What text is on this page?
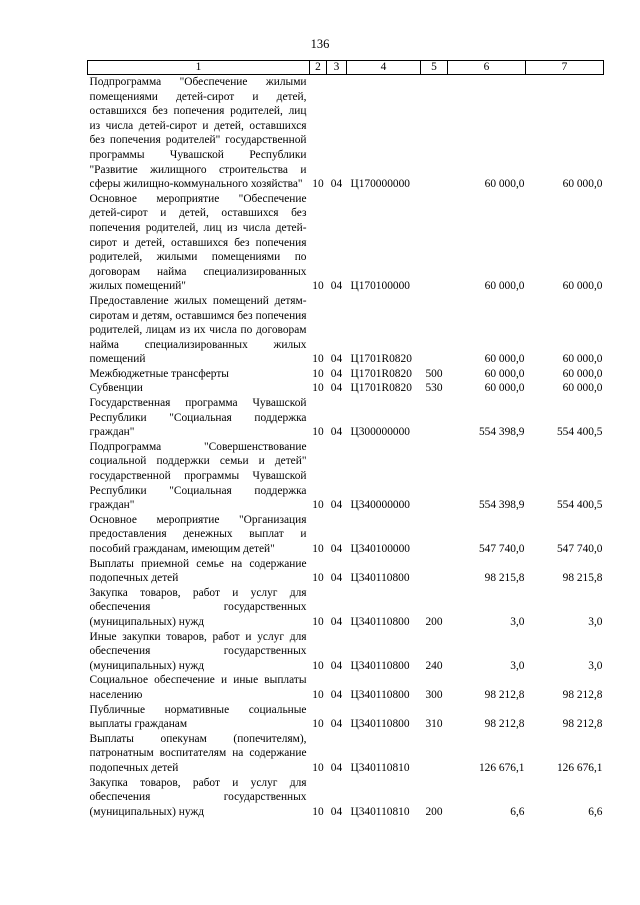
136
1	2	3	4	5	6	7
Подпрограмма "Обеспечение жилыми помещениями детей-сирот и детей, оставшихся без попечения родителей, лиц из числа детей-сирот и детей, оставшихся без попечения родителей" государственной программы Чувашской Республики "Развитие жилищного строительства и сферы жилищно-коммунального хозяйства"	10	04	Ц170000000		60 000,0	60 000,0
Основное мероприятие "Обеспечение детей-сирот и детей, оставшихся без попечения родителей, лиц из числа детей-сирот и детей, оставшихся без попечения родителей, жилыми помещениями по договорам найма специализированных жилых помещений"	10	04	Ц170100000		60 000,0	60 000,0
Предоставление жилых помещений детям-сиротам и детям, оставшимся без попечения родителей, лицам из их числа по договорам найма специализированных жилых помещений	10	04	Ц1701R0820		60 000,0	60 000,0
Межбюджетные трансферты	10	04	Ц1701R0820	500	60 000,0	60 000,0
Субвенции	10	04	Ц1701R0820	530	60 000,0	60 000,0
Государственная программа Чувашской Республики "Социальная поддержка граждан"	10	04	Ц300000000		554 398,9	554 400,5
Подпрограмма "Совершенствование социальной поддержки семьи и детей" государственной программы Чувашской Республики "Социальная поддержка граждан"	10	04	Ц340000000		554 398,9	554 400,5
Основное мероприятие "Организация предоставления денежных выплат и пособий гражданам, имеющим детей"	10	04	Ц340100000		547 740,0	547 740,0
Выплаты приемной семье на содержание подопечных детей	10	04	Ц340110800		98 215,8	98 215,8
Закупка товаров, работ и услуг для обеспечения государственных (муниципальных) нужд	10	04	Ц340110800	200	3,0	3,0
Иные закупки товаров, работ и услуг для обеспечения государственных (муниципальных) нужд	10	04	Ц340110800	240	3,0	3,0
Социальное обеспечение и иные выплаты населению	10	04	Ц340110800	300	98 212,8	98 212,8
Публичные нормативные социальные выплаты гражданам	10	04	Ц340110800	310	98 212,8	98 212,8
Выплаты опекунам (попечителям), патронатным воспитателям на содержание подопечных детей	10	04	Ц340110810		126 676,1	126 676,1
Закупка товаров, работ и услуг для обеспечения государственных (муниципальных) нужд	10	04	Ц340110810	200	6,6	6,6
